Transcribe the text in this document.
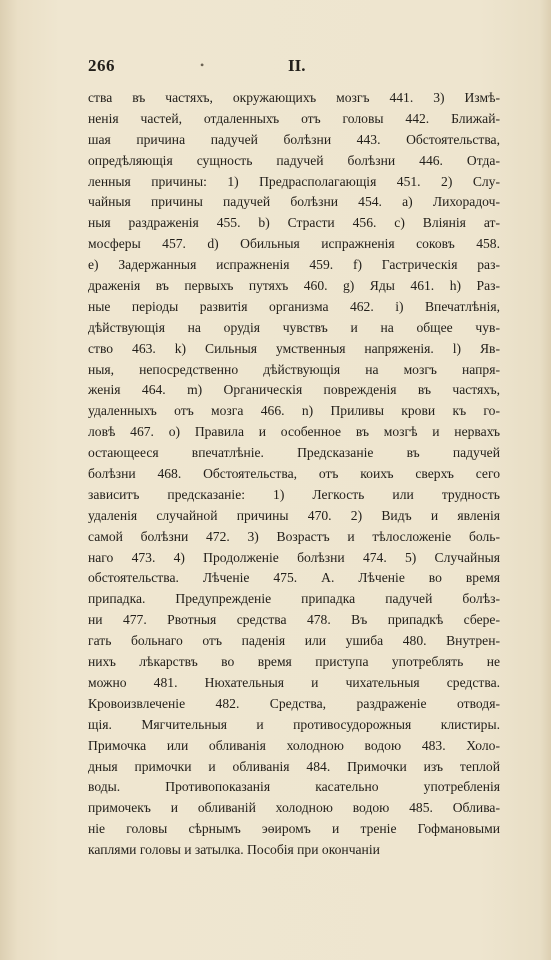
266	•	II.
ства въ частяхъ, окружающихъ мозгъ 441. 3) Измѣ-
ненія частей, отдаленныхъ отъ головы 442. Ближай-
шая причина падучей болѣзни 443. Обстоятельства,
опредѣляющія сущность падучей болѣзни 446. Отда-
ленныя причины: 1) Предрасполагающія 451. 2) Слу-
чайныя причины падучей болѣзни 454. а) Лихорадоч-
ныя раздраженія 455. b) Страсти 456. c) Вліянія ат-
мосферы 457. d) Обильныя испражненія соковъ 458.
e) Задержанныя испражненія 459. f) Гастрическія раз-
драженія въ первыхъ путяхъ 460. g) Яды 461. h) Раз-
ные періоды развитія организма 462. i) Впечатлѣнія,
дѣйствующія на орудія чувствъ и на общее чув-
ство 463. k) Сильныя умственныя напряженія. l) Яв-
ныя, непосредственно дѣйствующія на мозгъ напря-
женія 464. m) Органическія поврежденія въ частяхъ,
удаленныхъ отъ мозга 466. n) Приливы крови къ го-
ловѣ 467. o) Правила и особенное въ мозгѣ и нервахъ
остающееся впечатлѣніе. Предсказаніе въ падучей
болѣзни 468. Обстоятельства, отъ коихъ сверхъ сего
зависитъ предсказаніе: 1) Легкость или трудность
удаленія случайной причины 470. 2) Видъ и явленія
самой болѣзни 472. 3) Возрастъ и тѣлосложеніе боль-
наго 473. 4) Продолженіе болѣзни 474. 5) Случайныя
обстоятельства. Лѣченіе 475. А. Лѣченіе во время
припадка. Предупрежденіе припадка падучей болѣз-
ни 477. Рвотныя средства 478. Въ припадкѣ сбере-
гать больнаго отъ паденія или ушиба 480. Внутрен-
нихъ лѣкарствъ во время приступа употреблять не
можно 481. Нюхательныя и чихательныя средства.
Кровоизвлеченіе 482. Средства, раздраженіе отводя-
щія. Мягчительныя и противосудорожныя клистиры.
Примочка или обливанія холодною водою 483. Холо-
дныя примочки и обливанія 484. Примочки изъ теплой
воды. Противопоказанія касательно употребленія
примочекъ и обливаній холодною водою 485. Облива-
ніе головы сѣрнымъ эѳиромъ и треніе Гофмановыми
каплями головы и затылка. Пособія при окончаніи
